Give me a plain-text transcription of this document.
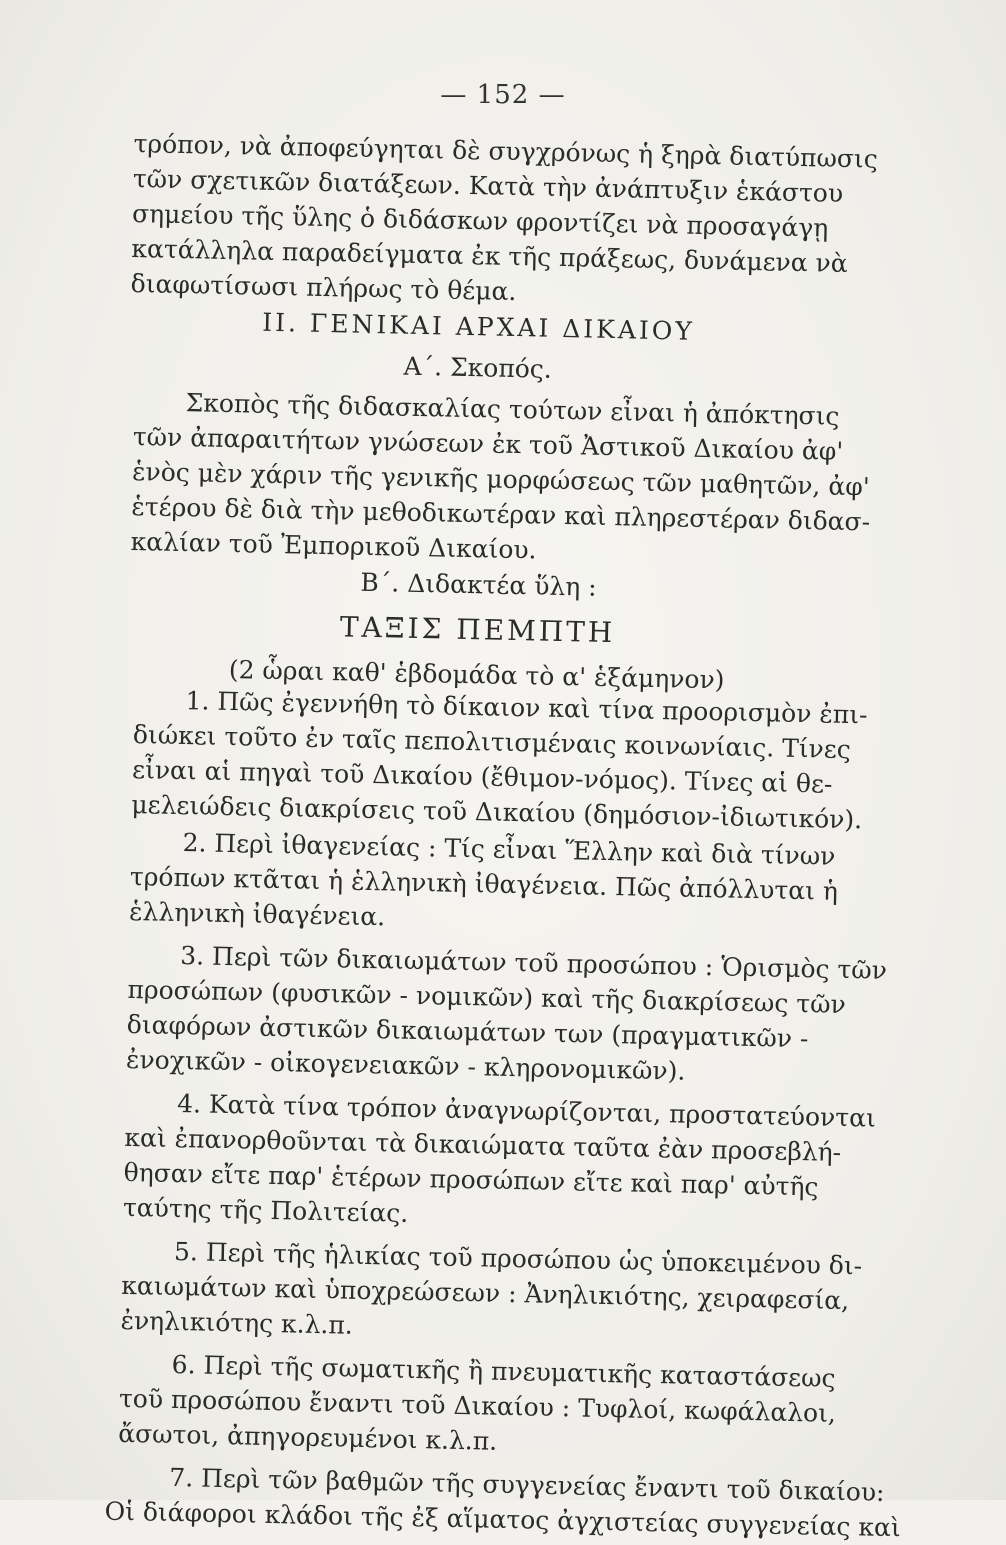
— 152 —

τρόπον, νὰ ἀποφεύγηται δὲ συγχρόνως ἡ ξηρὰ διατύπωσις
τῶν σχετικῶν διατάξεων. Κατὰ τὴν ἀνάπτυξιν ἑκάστου
σημείου τῆς ὕλης ὁ διδάσκων φροντίζει νὰ προσαγάγῃ
κατάλληλα παραδείγματα ἐκ τῆς πράξεως, δυνάμενα νὰ
διαφωτίσωσι πλήρως τὸ θέμα.

ΙΙ. ΓΕΝΙΚΑΙ ΑΡΧΑΙ ΔΙΚΑΙΟΥ

Α΄. Σκοπός.

Σκοπὸς τῆς διδασκαλίας τούτων εἶναι ἡ ἀπόκτησις
τῶν ἀπαραιτήτων γνώσεων ἐκ τοῦ Ἀστικοῦ Δικαίου ἀφ'
ἑνὸς μὲν χάριν τῆς γενικῆς μορφώσεως τῶν μαθητῶν, ἀφ'
ἑτέρου δὲ διὰ τὴν μεθοδικωτέραν καὶ πληρεστέραν διδασ-
καλίαν τοῦ Ἐμπορικοῦ Δικαίου.

Β΄. Διδακτέα ὕλη :

ΤΑΞΙΣ ΠΕΜΠΤΗ

(2 ὧραι καθ' ἑβδομάδα τὸ α' ἑξάμηνον)

1. Πῶς ἐγεννήθη τὸ δίκαιον καὶ τίνα προορισμὸν ἐπι-
διώκει τοῦτο ἐν ταῖς πεπολιτισμέναις κοινωνίαις. Τίνες
εἶναι αἱ πηγαὶ τοῦ Δικαίου (ἔθιμον-νόμος). Τίνες αἱ θε-
μελειώδεις διακρίσεις τοῦ Δικαίου (δημόσιον-ἰδιωτικόν).

2. Περὶ ἰθαγενείας : Τίς εἶναι Ἕλλην καὶ διὰ τίνων
τρόπων κτᾶται ἡ ἑλληνικὴ ἰθαγένεια. Πῶς ἀπόλλυται ἡ
ἑλληνικὴ ἰθαγένεια.

3. Περὶ τῶν δικαιωμάτων τοῦ προσώπου : Ὁρισμὸς τῶν
προσώπων (φυσικῶν - νομικῶν) καὶ τῆς διακρίσεως τῶν
διαφόρων ἀστικῶν δικαιωμάτων των (πραγματικῶν -
ἐνοχικῶν - οἰκογενειακῶν - κληρονομικῶν).

4. Κατὰ τίνα τρόπον ἀναγνωρίζονται, προστατεύονται
καὶ ἐπανορθοῦνται τὰ δικαιώματα ταῦτα ἐὰν προσεβλή-
θησαν εἴτε παρ' ἑτέρων προσώπων εἴτε καὶ παρ' αὐτῆς
ταύτης τῆς Πολιτείας.

5. Περὶ τῆς ἡλικίας τοῦ προσώπου ὡς ὑποκειμένου δι-
καιωμάτων καὶ ὑποχρεώσεων : Ἀνηλικιότης, χειραφεσία,
ἐνηλικιότης κ.λ.π.

6. Περὶ τῆς σωματικῆς ἢ πνευματικῆς καταστάσεως
τοῦ προσώπου ἔναντι τοῦ Δικαίου : Τυφλοί, κωφάλαλοι,
ἄσωτοι, ἀπηγορευμένοι κ.λ.π.

7. Περὶ τῶν βαθμῶν τῆς συγγενείας ἔναντι τοῦ δικαίου:
Οἱ διάφοροι κλάδοι τῆς ἐξ αἵματος ἀγχιστείας συγγενείας καὶ
